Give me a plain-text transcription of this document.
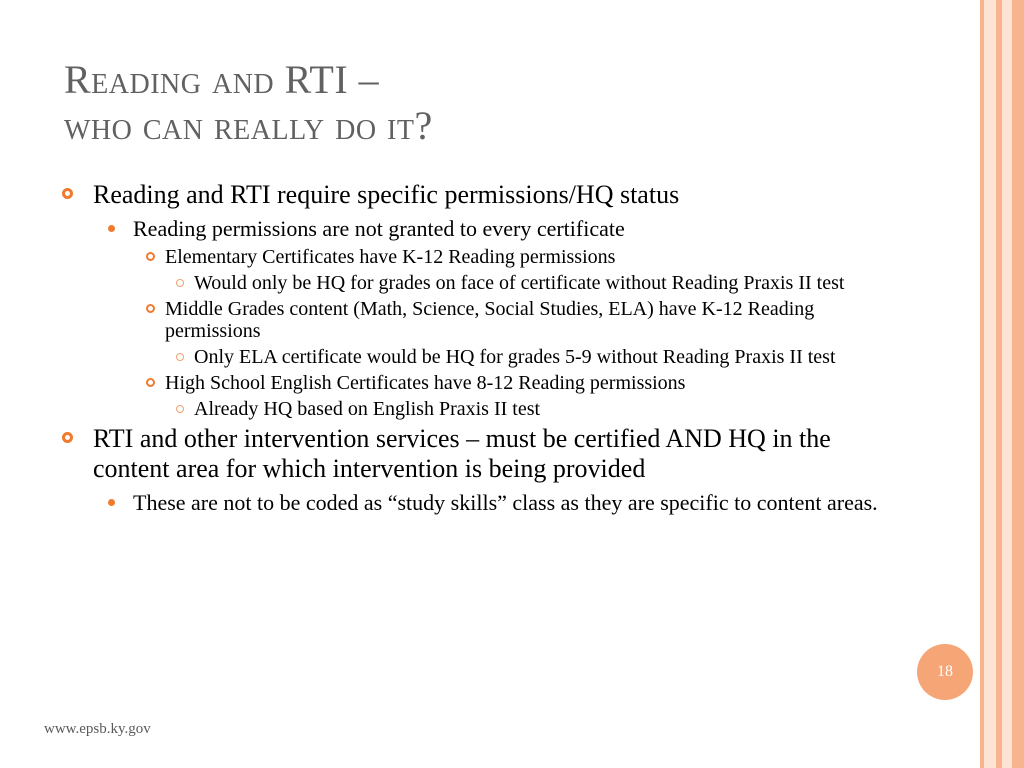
Reading and RTI –
who can really do it?
Reading and RTI require specific permissions/HQ status
Reading permissions are not granted to every certificate
Elementary Certificates have K-12 Reading permissions
Would only be HQ for grades on face of certificate without Reading Praxis II test
Middle Grades content (Math, Science, Social Studies, ELA) have K-12 Reading permissions
Only ELA certificate would be HQ for grades 5-9 without Reading Praxis II test
High School English Certificates have 8-12 Reading permissions
Already HQ based on English Praxis II test
RTI and other intervention services – must be certified AND HQ in the content area for which intervention is being provided
These are not to be coded as “study skills” class as they are specific to content areas.
18
www.epsb.ky.gov
